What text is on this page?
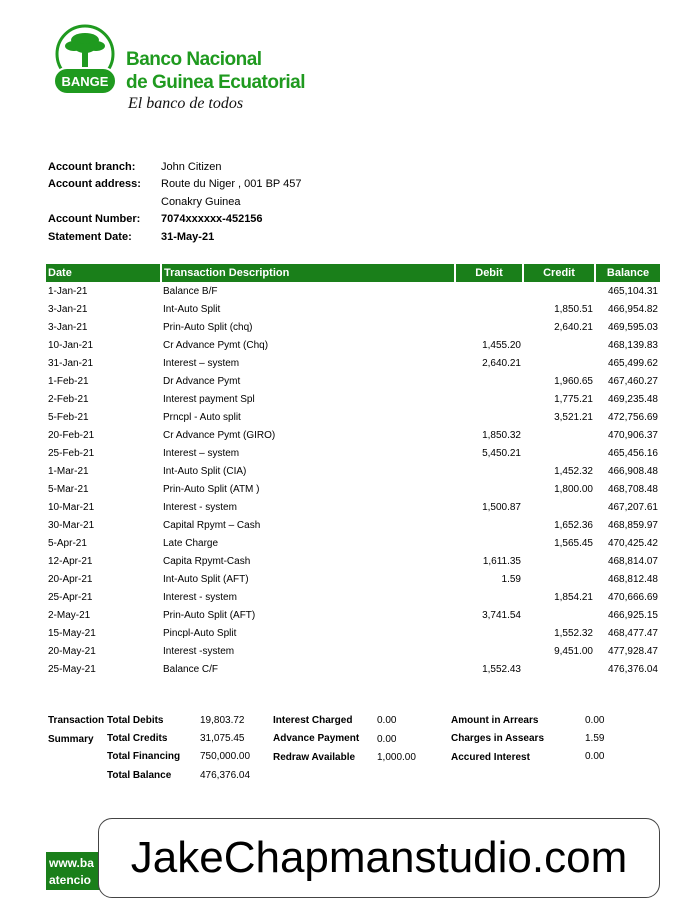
BANGE
Banco Nacional
de Guinea Ecuatorial
El banco de todos
Account branch:	John Citizen
Account address:	Route du Niger , 001 BP 457
Conakry Guinea
Account Number:	7074xxxxxx-452156
Statement Date:	31-May-21
Date	Transaction Description	Debit	Credit	Balance
1-Jan-21	Balance B/F			465,104.31
3-Jan-21	Int-Auto Split		1,850.51	466,954.82
3-Jan-21	Prin-Auto Split (chq)		2,640.21	469,595.03
10-Jan-21	Cr Advance Pymt (Chq)	1,455.20		468,139.83
31-Jan-21	Interest – system	2,640.21		465,499.62
1-Feb-21	Dr Advance Pymt		1,960.65	467,460.27
2-Feb-21	Interest payment Spl		1,775.21	469,235.48
5-Feb-21	Prncpl - Auto split		3,521.21	472,756.69
20-Feb-21	Cr Advance Pymt (GIRO)	1,850.32		470,906.37
25-Feb-21	Interest – system	5,450.21		465,456.16
1-Mar-21	Int-Auto Split (CIA)		1,452.32	466,908.48
5-Mar-21	Prin-Auto Split (ATM )		1,800.00	468,708.48
10-Mar-21	Interest - system	1,500.87		467,207.61
30-Mar-21	Capital Rpymt – Cash		1,652.36	468,859.97
5-Apr-21	Late Charge		1,565.45	470,425.42
12-Apr-21	Capita Rpymt-Cash	1,611.35		468,814.07
20-Apr-21	Int-Auto Split (AFT)	1.59		468,812.48
25-Apr-21	Interest - system		1,854.21	470,666.69
2-May-21	Prin-Auto Split (AFT)	3,741.54		466,925.15
15-May-21	Pincpl-Auto Split		1,552.32	468,477.47
20-May-21	Interest -system		9,451.00	477,928.47
25-May-21	Balance C/F	1,552.43		476,376.04
Transaction
Summary
Total Debits	19,803.72
Total Credits	31,075.45
Total Financing 750,000.00
Total Balance	476,376.04
Interest Charged 0.00
Advance Payment 0.00
Redraw Available 1,000.00
Amount in Arrears	0.00
Charges in Assears	1.59
Accured Interest	0.00
www.ba
atencio JakeChapmanstudio.com
